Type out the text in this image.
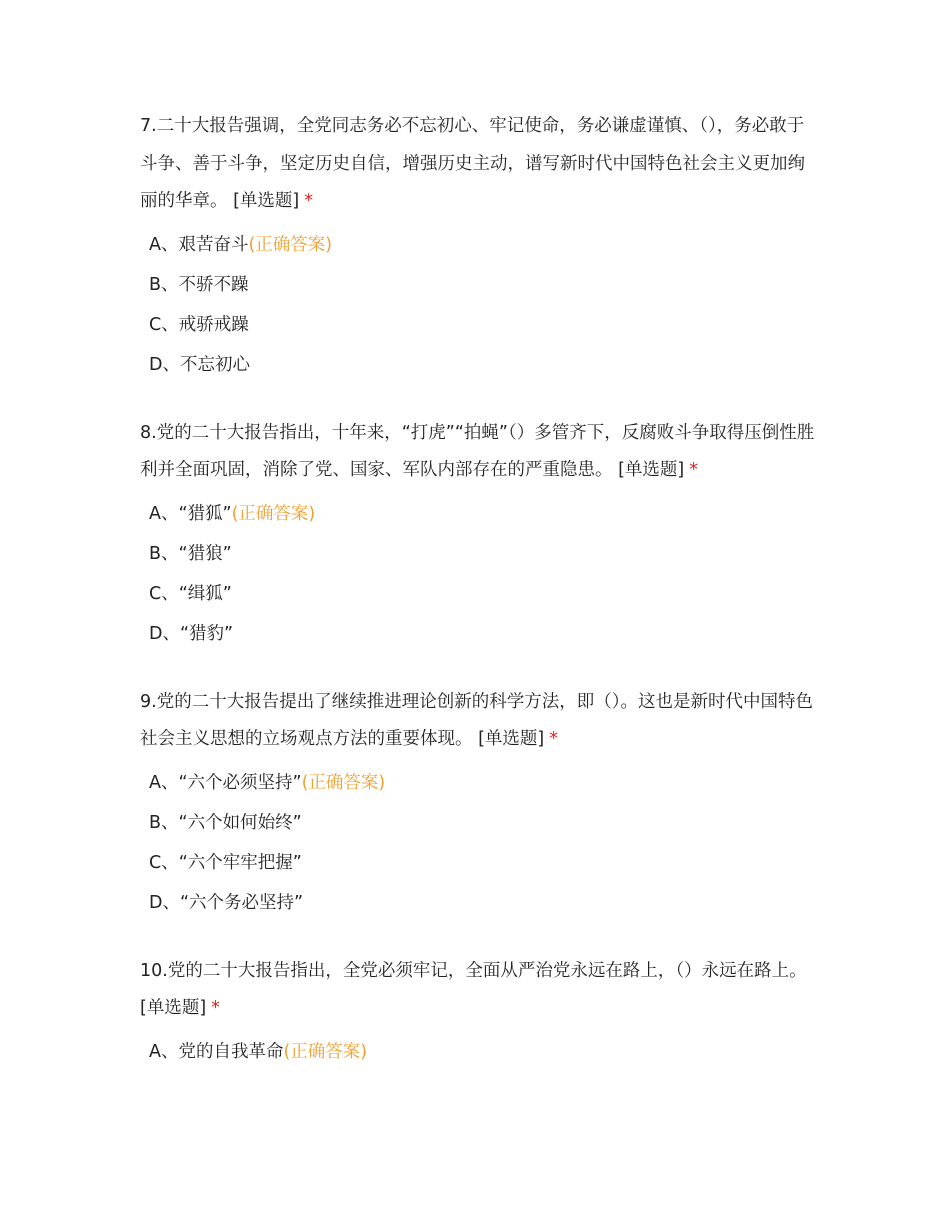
7.二十大报告强调，全党同志务必不忘初心、牢记使命，务必谦虚谨慎、（），务必敢于斗争、善于斗争，坚定历史自信，增强历史主动，谱写新时代中国特色社会主义更加绚丽的华章。 [单选题] *

A、艰苦奋斗(正确答案)
B、不骄不躁
C、戒骄戒躁
D、不忘初心

8.党的二十大报告指出，十年来，“打虎”“拍蝇”（）多管齐下，反腐败斗争取得压倒性胜利并全面巩固，消除了党、国家、军队内部存在的严重隐患。 [单选题] *

A、“猎狐”(正确答案)
B、“猎狼”
C、“缉狐”
D、“猎豹”

9.党的二十大报告提出了继续推进理论创新的科学方法，即（）。这也是新时代中国特色社会主义思想的立场观点方法的重要体现。 [单选题] *

A、“六个必须坚持”(正确答案)
B、“六个如何始终”
C、“六个牢牢把握”
D、“六个务必坚持”

10.党的二十大报告指出，全党必须牢记，全面从严治党永远在路上，（）永远在路上。 [单选题] *

A、党的自我革命(正确答案)
